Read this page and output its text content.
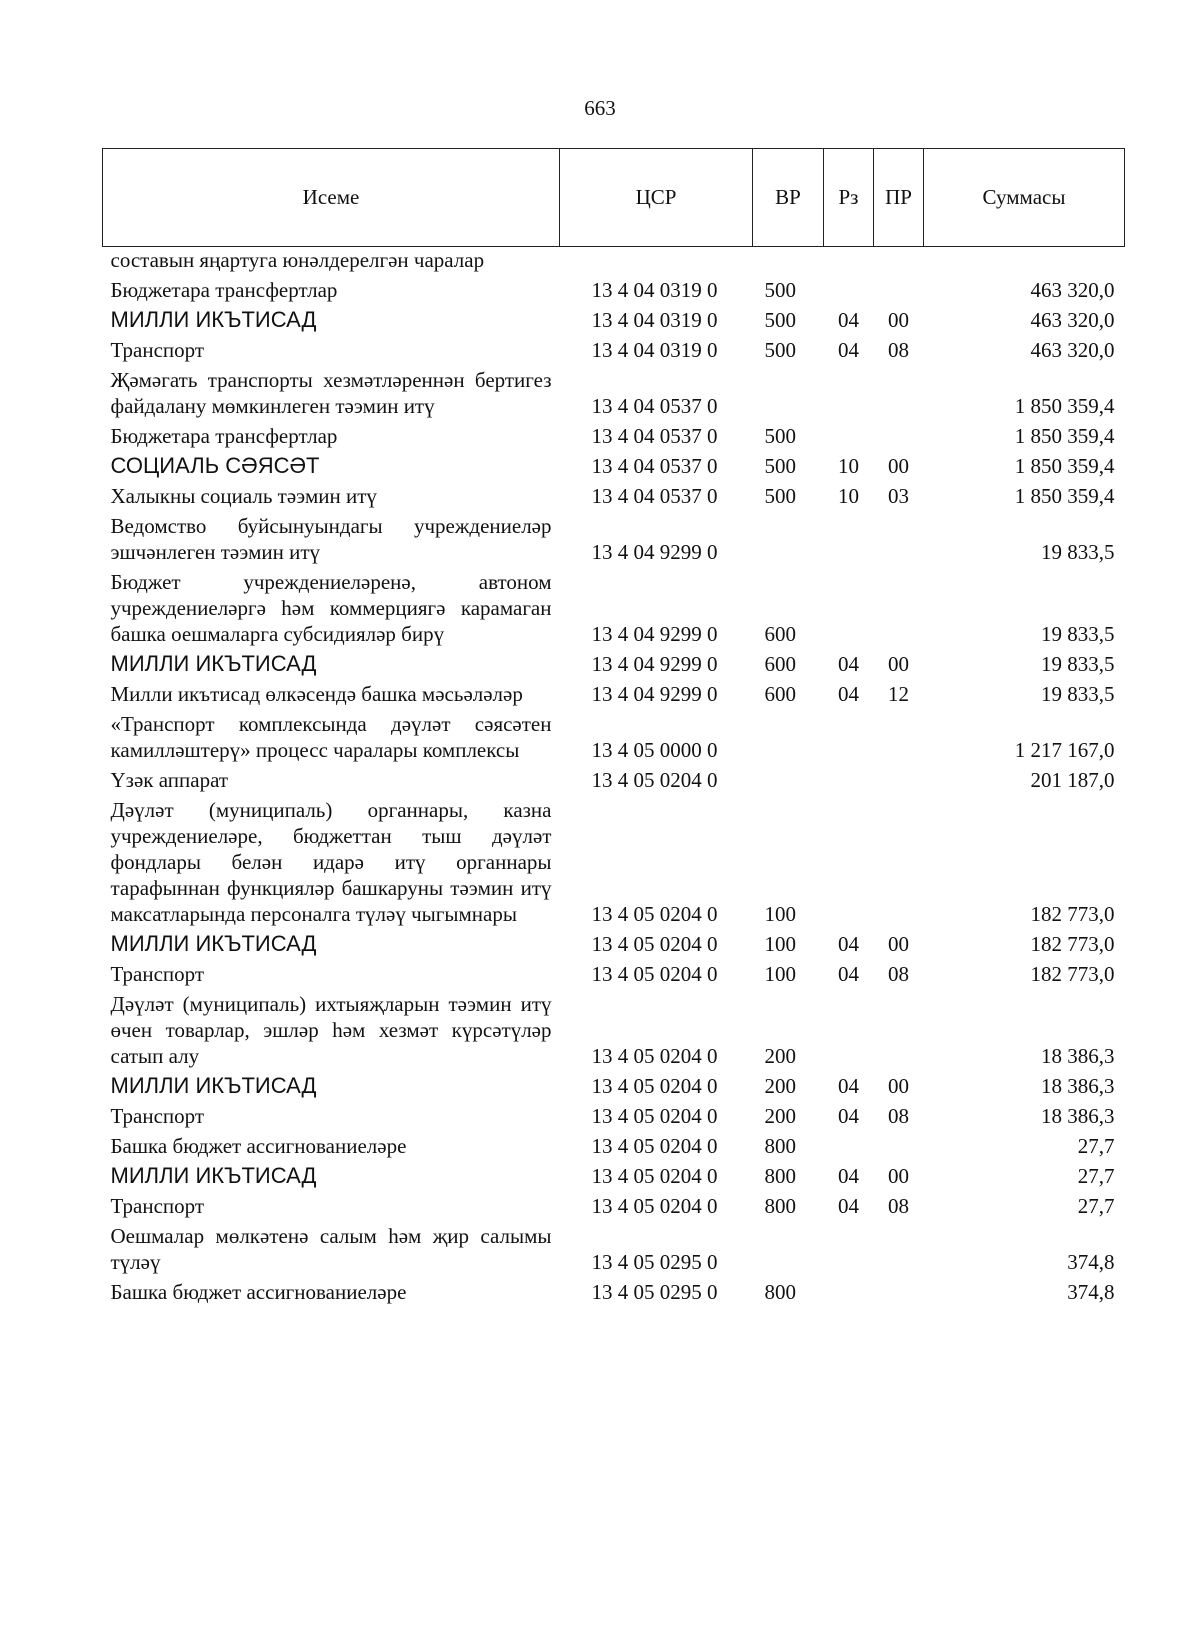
663
Исеме	ЦСР	ВР	Рз	ПР	Суммасы
составын яңартуга юнәлдерелгән чаралар					
Бюджетара трансфертлар	13 4 04 0319 0	500			463 320,0
МИЛЛИ ИКЪТИСАД	13 4 04 0319 0	500	04	00	463 320,0
Транспорт	13 4 04 0319 0	500	04	08	463 320,0
Җәмәгать транспорты хезмәтләреннән бертигез файдалану мөмкинлеген тәэмин итү	13 4 04 0537 0				1 850 359,4
Бюджетара трансфертлар	13 4 04 0537 0	500			1 850 359,4
СОЦИАЛЬ СӘЯСӘТ	13 4 04 0537 0	500	10	00	1 850 359,4
Халыкны социаль тәэмин итү	13 4 04 0537 0	500	10	03	1 850 359,4
Ведомство буйсынуындагы учреждениеләр эшчәнлеген тәэмин итү	13 4 04 9299 0				19 833,5
Бюджет учреждениеләренә, автоном учреждениеләргә һәм коммерциягә карамаган башка оешмаларга субсидияләр бирү	13 4 04 9299 0	600			19 833,5
МИЛЛИ ИКЪТИСАД	13 4 04 9299 0	600	04	00	19 833,5
Милли икътисад өлкәсендә башка мәсьәләләр	13 4 04 9299 0	600	04	12	19 833,5
«Транспорт комплексында дәүләт сәясәтен камилләштерү» процесс чаралары комплексы	13 4 05 0000 0				1 217 167,0
Үзәк аппарат	13 4 05 0204 0				201 187,0
Дәүләт (муниципаль) органнары, казна учреждениеләре, бюджеттан тыш дәүләт фондлары белән идарә итү органнары тарафыннан функцияләр башкаруны тәэмин итү максатларында персоналга түләү чыгымнары	13 4 05 0204 0	100			182 773,0
МИЛЛИ ИКЪТИСАД	13 4 05 0204 0	100	04	00	182 773,0
Транспорт	13 4 05 0204 0	100	04	08	182 773,0
Дәүләт (муниципаль) ихтыяҗларын тәэмин итү өчен товарлар, эшләр һәм хезмәт күрсәтүләр сатып алу	13 4 05 0204 0	200			18 386,3
МИЛЛИ ИКЪТИСАД	13 4 05 0204 0	200	04	00	18 386,3
Транспорт	13 4 05 0204 0	200	04	08	18 386,3
Башка бюджет ассигнованиеләре	13 4 05 0204 0	800			27,7
МИЛЛИ ИКЪТИСАД	13 4 05 0204 0	800	04	00	27,7
Транспорт	13 4 05 0204 0	800	04	08	27,7
Оешмалар мөлкәтенә салым һәм җир салымы түләү	13 4 05 0295 0				374,8
Башка бюджет ассигнованиеләре	13 4 05 0295 0	800			374,8
